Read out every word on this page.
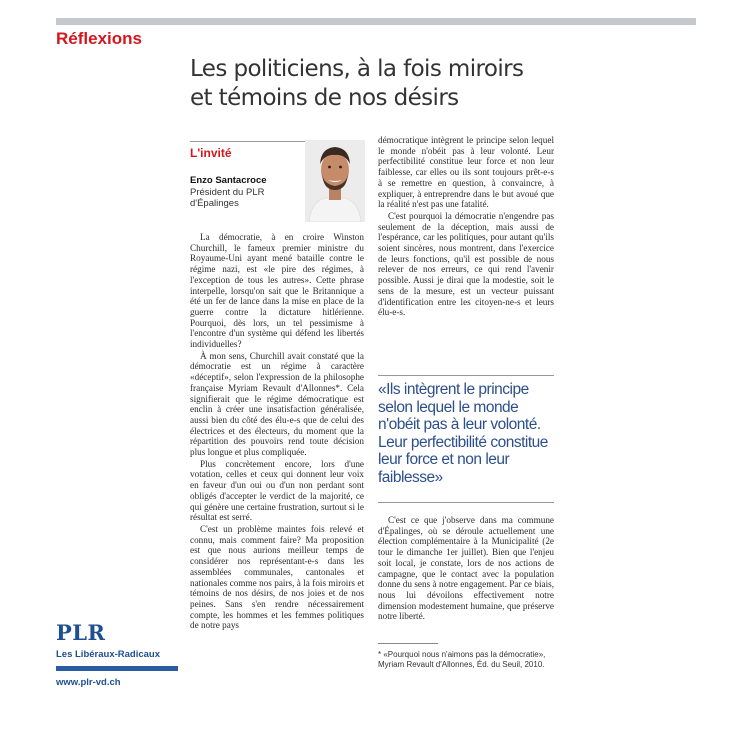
Réflexions
Les politiciens, à la fois miroirs
et témoins de nos désirs
L'invité
Enzo Santacroce
Président du PLR d'Épalinges

La démocratie, à en croire Winston Churchill, le fameux premier ministre du Royaume-Uni ayant mené bataille contre le régime nazi, est «le pire des régimes, à l'exception de tous les autres». Cette phrase interpelle, lorsqu'on sait que le Britannique a été un fer de lance dans la mise en place de la guerre contre la dictature hitlérienne. Pourquoi, dès lors, un tel pessimisme à l'encontre d'un système qui défend les libertés individuelles?

À mon sens, Churchill avait constaté que la démocratie est un régime à caractère «déceptif», selon l'expression de la philosophe française Myriam Revault d'Allonnes*. Cela signifierait que le régime démocratique est enclin à créer une insatisfaction généralisée, aussi bien du côté des élu-e-s que de celui des électrices et des électeurs, du moment que la répartition des pouvoirs rend toute décision plus longue et plus compliquée.

Plus concrètement encore, lors d'une votation, celles et ceux qui donnent leur voix en faveur d'un oui ou d'un non perdant sont obligés d'accepter le verdict de la majorité, ce qui génère une certaine frustration, surtout si le résultat est serré.

C'est un problème maintes fois relevé et connu, mais comment faire? Ma proposition est que nous aurions meilleur temps de considérer nos représentant-e-s dans les assemblées communales, cantonales et nationales comme nos pairs, à la fois miroirs et témoins de nos désirs, de nos joies et de nos peines. Sans s'en rendre nécessairement compte, les hommes et les femmes politiques de notre pays

démocratique intègrent le principe selon lequel le monde n'obéit pas à leur volonté. Leur perfectibilité constitue leur force et non leur faiblesse, car elles ou ils sont toujours prêt-e-s à se remettre en question, à convaincre, à expliquer, à entreprendre dans le but avoué que la réalité n'est pas une fatalité.

C'est pourquoi la démocratie n'engendre pas seulement de la déception, mais aussi de l'espérance, car les politiques, pour autant qu'ils soient sincères, nous montrent, dans l'exercice de leurs fonctions, qu'il est possible de nous relever de nos erreurs, ce qui rend l'avenir possible. Aussi je dirai que la modestie, soit le sens de la mesure, est un vecteur puissant d'identification entre les citoyen-ne-s et leurs élu-e-s.

«Ils intègrent le principe selon lequel le monde n'obéit pas à leur volonté. Leur perfectibilité constitue leur force et non leur faiblesse»

C'est ce que j'observe dans ma commune d'Épalinges, où se déroule actuellement une élection complémentaire à la Municipalité (2e tour le dimanche 1er juillet). Bien que l'enjeu soit local, je constate, lors de nos actions de campagne, que le contact avec la population donne du sens à notre engagement. Par ce biais, nous lui dévoilons effectivement notre dimension modestement humaine, que préserve notre liberté.

* «Pourquoi nous n'aimons pas la démocratie», Myriam Revault d'Allonnes, Éd. du Seuil, 2010.
PLR
Les Libéraux-Radicaux
www.plr-vd.ch
